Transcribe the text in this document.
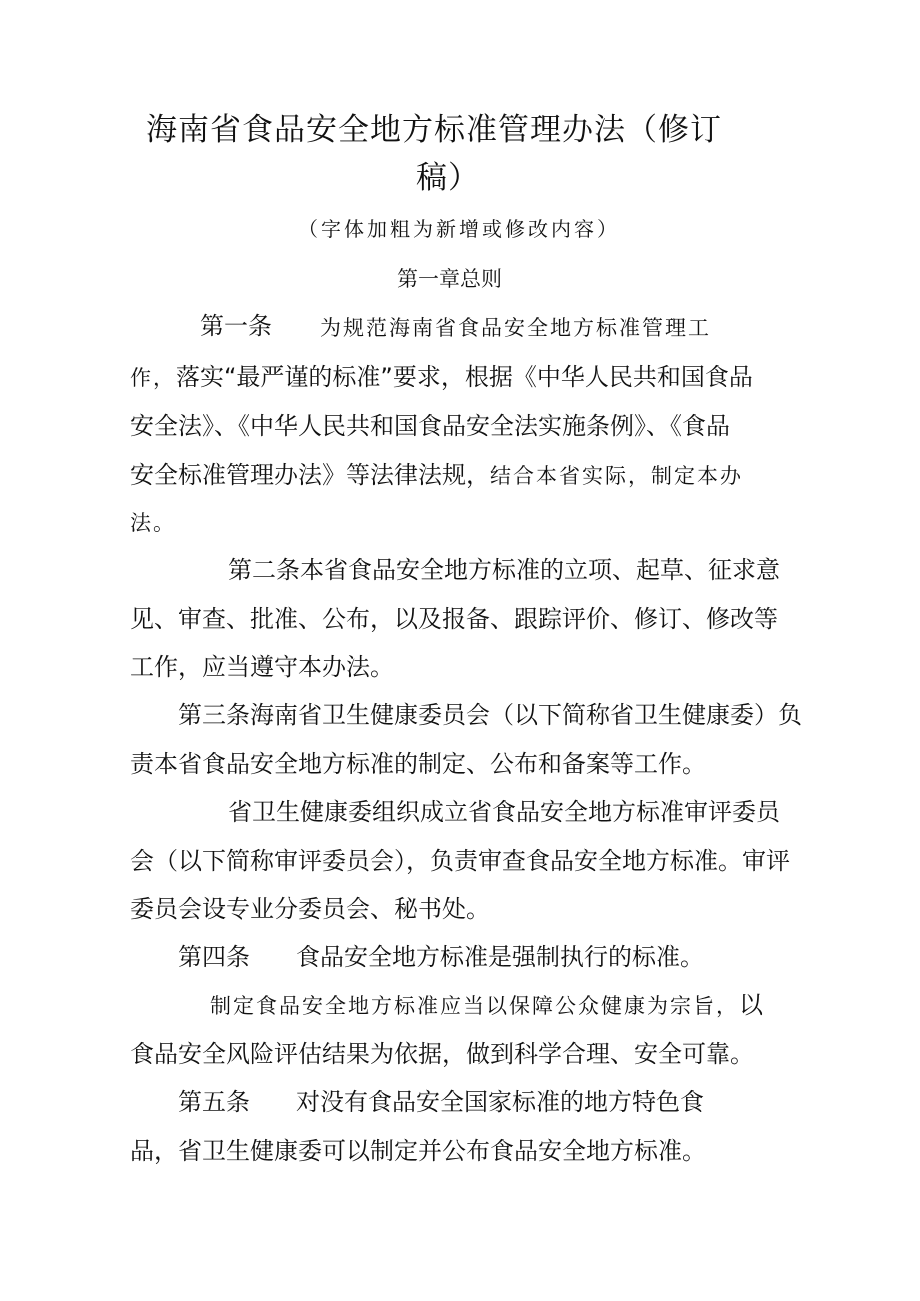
海南省食品安全地方标准管理办法（修订
稿）
（字体加粗为新增或修改内容）
第一章总则
第一条 为规范海南省食品安全地方标准管理工
作，落实“最严谨的标准”要求，根据《中华人民共和国食品
安全法》、《中华人民共和国食品安全法实施条例》、《食品
安全标准管理办法》等法律法规，结合本省实际，制定本办
法。
第二条本省食品安全地方标准的立项、起草、征求意
见、审查、批准、公布，以及报备、跟踪评价、修订、修改等
工作，应当遵守本办法。
第三条海南省卫生健康委员会（以下简称省卫生健康委）负
责本省食品安全地方标准的制定、公布和备案等工作。
省卫生健康委组织成立省食品安全地方标准审评委员
会（以下简称审评委员会），负责审查食品安全地方标准。审评
委员会设专业分委员会、秘书处。
第四条 食品安全地方标准是强制执行的标准。
制定食品安全地方标准应当以保障公众健康为宗旨，以
食品安全风险评估结果为依据，做到科学合理、安全可靠。
第五条 对没有食品安全国家标准的地方特色食
品，省卫生健康委可以制定并公布食品安全地方标准。
